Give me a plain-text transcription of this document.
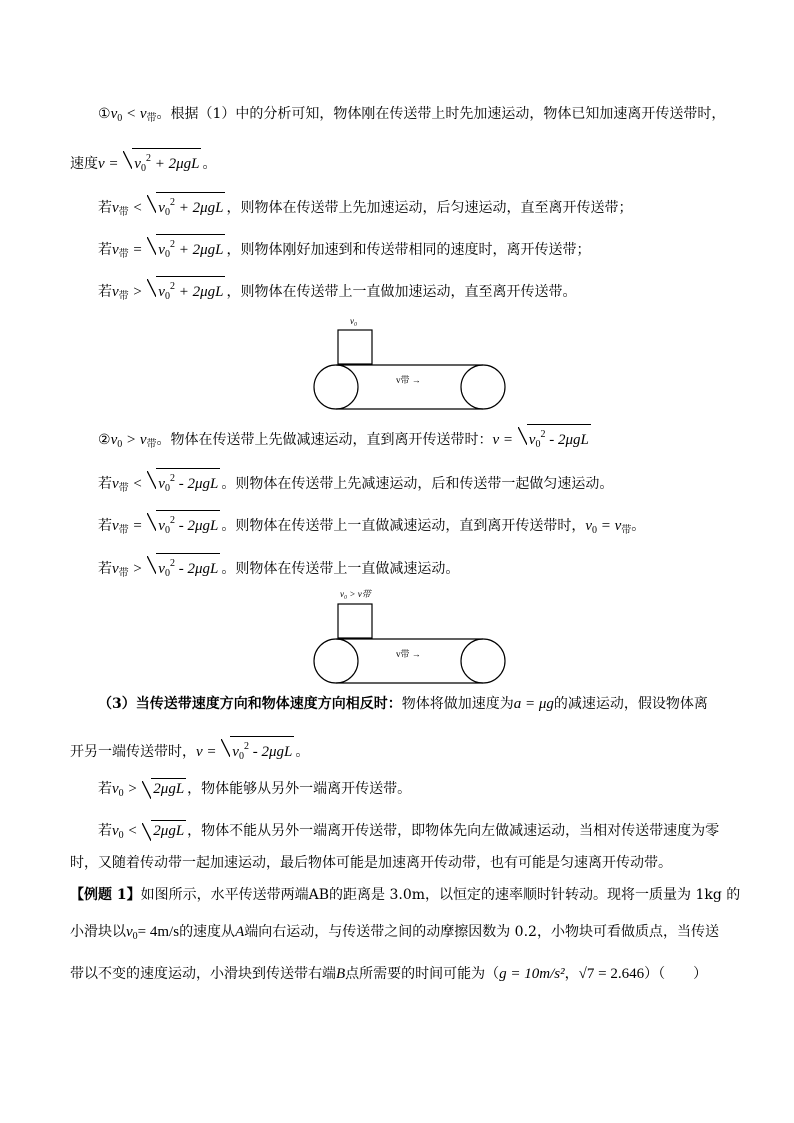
$①v_0 < v_带$。根据（1）中的分析可知，物体刚在传送带上时先加速运动，物体已知加速离开传送带时，
速度$v = v_0^2 + 2\mu gL$ 。
若$v_带 < v_0^2 + 2\mu gL$ ，则物体在传送带上先加速运动，后匀速运动，直至离开传送带；
若$v_带 = v_0^2 + 2\mu gL$ ，则物体刚好加速到和传送带相同的速度时，离开传送带；
若$v_带 > v_0^2 + 2\mu gL$ ，则物体在传送带上一直做加速运动，直至离开传送带。
v₀
v带 →
$②v_0 > v_带$。物体在传送带上先做减速运动，直到离开传送带时：$v = v_0^2 - 2\mu gL$
若$v_带 < v_0^2 - 2\mu gL$ 。则物体在传送带上先减速运动，后和传送带一起做匀速运动。
若$v_带 = v_0^2 - 2\mu gL$ 。则物体在传送带上一直做减速运动，直到离开传送带时，$v_0 = v_带$。
若$v_带 > v_0^2 - 2\mu gL$ 。则物体在传送带上一直做减速运动。
v₀ > v带
v带 →
（3）当传送带速度方向和物体速度方向相反时：物体将做加速度为a = μg的减速运动，假设物体离
开另一端传送带时，$v = v_0^2 - 2\mu gL$ 。
若$v_0 > 2\mu gL$ ，物体能够从另外一端离开传送带。
若$v_0 < 2\mu gL$ ，物体不能从另外一端离开传送带，即物体先向左做减速运动，当相对传送带速度为零
时，又随着传动带一起加速运动，最后物体可能是加速离开传动带，也有可能是匀速离开传动带。
【例题 1】如图所示，水平传送带两端AB的距离是 3.0m，以恒定的速率顺时针转动。现将一质量为 1kg 的
小滑块以$v_0= 4m/s$的速度从A端向右运动，与传送带之间的动摩擦因数为 0.2，小物块可看做质点，当传送
带以不变的速度运动，小滑块到传送带右端B点所需要的时间可能为（g = 10m/s²，√7 = 2.646）（　　）
